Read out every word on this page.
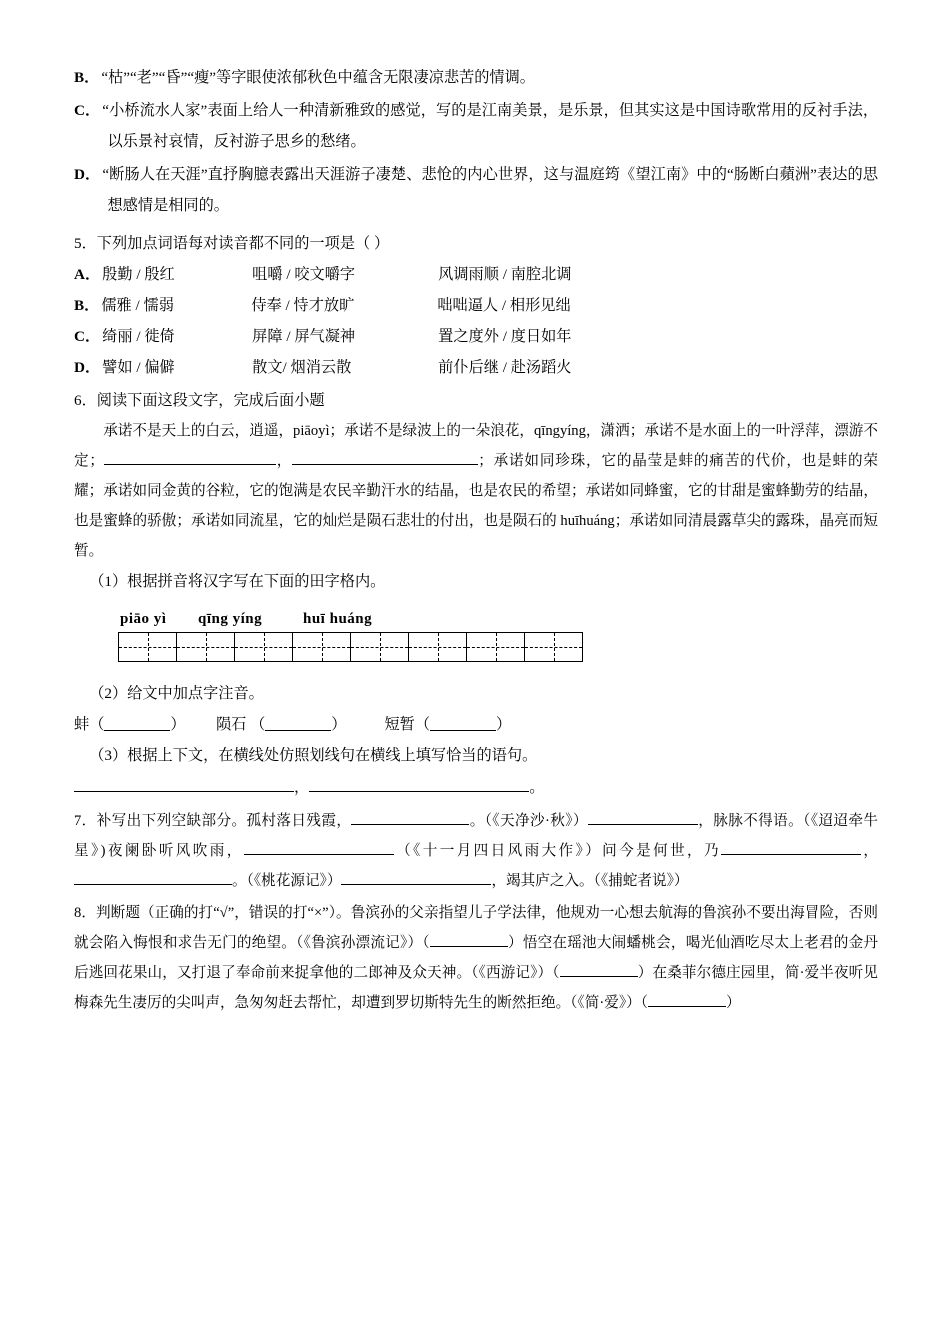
B． “枯”“老”“昏”“瘦”等字眼使浓郁秋色中蕴含无限凄凉悲苦的情调。

C． “小桥流水人家”表面上给人一种清新雅致的感觉，写的是江南美景，是乐景，但其实这是中国诗歌常用的反衬手法，以乐景衬哀情，反衬游子思乡的愁绪。

D． “断肠人在天涯”直抒胸臆表露出天涯游子凄楚、悲怆的内心世界，这与温庭筠《望江南》中的“肠断白蘋洲”表达的思想感情是相同的。

5．下列加点词语每对读音都不同的一项是（ ）

A． 殷勤 / 殷红	咀嚼 / 咬文嚼字	风调雨顺 / 南腔北调

B． 儒雅 / 懦弱	侍奉 / 恃才放旷	咄咄逼人 / 相形见绌

C． 绮丽 / 徙倚	屏障 / 屏气凝神	置之度外 / 度日如年

D． 譬如 / 偏僻	散文/ 烟消云散	前仆后继 / 赴汤蹈火

6．阅读下面这段文字，完成后面小题

承诺不是天上的白云，逍遥，piāoyì；承诺不是绿波上的一朵浪花，qīngyíng，潇洒；承诺不是水面上的一叶浮萍，漂游不定；	，	；承诺如同珍珠，它的晶莹是蚌的痛苦的代价，也是蚌的荣耀；承诺如同金黄的谷粒，它的饱满是农民辛勤汗水的结晶，也是农民的希望；承诺如同蜂蜜，它的甘甜是蜜蜂勤劳的结晶，也是蜜蜂的骄傲；承诺如同流星，它的灿烂是陨石悲壮的付出，也是陨石的 huīhuáng；承诺如同清晨露草尖的露珠，晶亮而短暂。

（1）根据拼音将汉字写在下面的田字格内。

piāo yì qīng yíng	huī huáng

（2）给文中加点字注音。

蚌（	） 陨石 （	） 短暂（	）

（3）根据上下文，在横线处仿照划线句在横线上填写恰当的语句。

，	。

7．补写出下列空缺部分。孤村落日残霞，	。（《天净沙·秋》）	，脉脉不得语。（《迢迢牵牛星》)夜阑卧听风吹雨，	（《十一月四日风雨大作》）问今是何世，乃	，。（《桃花源记》）	，竭其庐之入。（《捕蛇者说》）

8．判断题（正确的打“√”，错误的打“×”）。鲁滨孙的父亲指望儿子学法律，他规劝一心想去航海的鲁滨孙不要出海冒险，否则就会陷入悔恨和求告无门的绝望。（《鲁滨孙漂流记》）（	）悟空在瑶池大闹蟠桃会，喝光仙酒吃尽太上老君的金丹后逃回花果山，又打退了奉命前来捉拿他的二郎神及众天神。（《西游记》）（	）在桑菲尔德庄园里，简·爱半夜听见梅森先生凄厉的尖叫声，急匆匆赶去帮忙，却遭到罗切斯特先生的断然拒绝。（《简·爱》）（	）
